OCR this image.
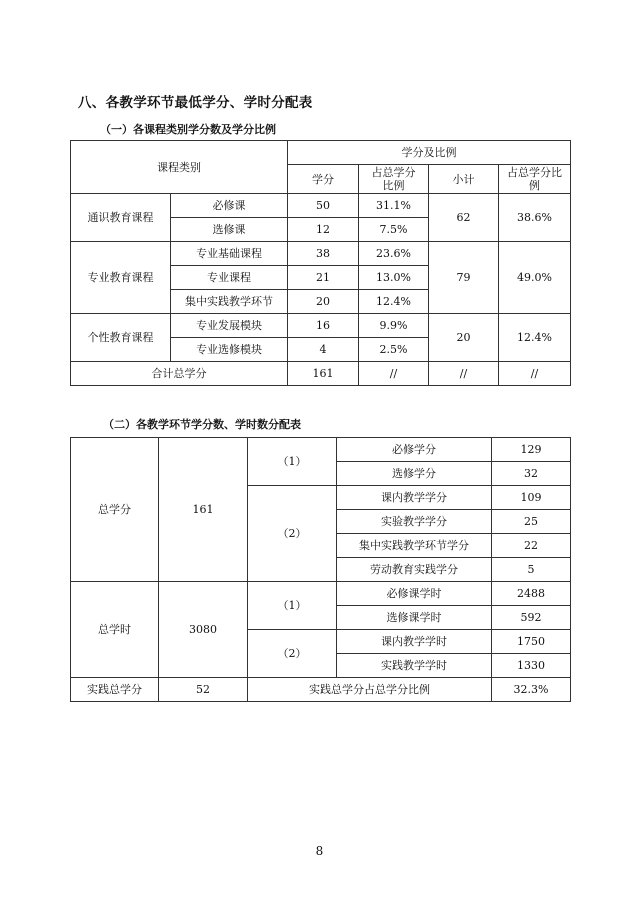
八、各教学环节最低学分、学时分配表
（一）各课程类别学分数及学分比例
课程类别		学分及比例			
		学分	占总学分比例	小计	占总学分比例

通识教育课程	必修课	50	31.1%	62	38.6%
	选修课	12	7.5%		
专业教育课程	专业基础课程	38	23.6%	79	49.0%
	专业课程	21	13.0%		
	集中实践教学环节	20	12.4%		
个性教育课程	专业发展模块	16	9.9%	20	12.4%
	专业选修模块	4	2.5%		
合计总学分		161	//	//	//
（二）各教学环节学分数、学时数分配表
总学分	161	（1）	必修学分	129
			选修学分	32
		（2）	课内教学学分	109
			实验教学学分	25
			集中实践教学环节学分	22
			劳动教育实践学分	5
总学时	3080	（1）	必修课学时	2488
			选修课学时	592
		（2）	课内教学学时	1750
			实践教学学时	1330
实践总学分	52	实践总学分占总学分比例		32.3%
8
